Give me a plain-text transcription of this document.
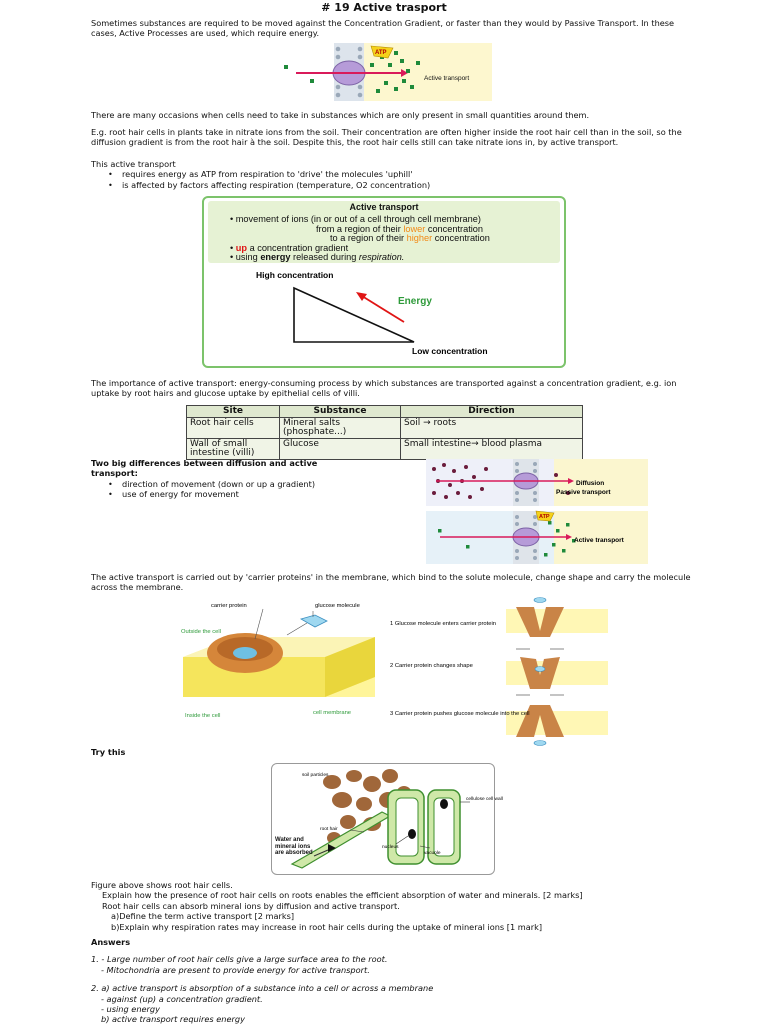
# 19 Active trasport
Sometimes substances are required to be moved against the Concentration Gradient, or faster than they would by Passive Transport. In these cases, Active Processes are used, which require energy.
ATP
Active transport
There are many occasions when cells need to take in substances which are only present in small quantities around them.
E.g. root hair cells in plants take in nitrate ions from the soil. Their concentration are often higher inside the root hair cell than in the soil, so the diffusion gradient is from the root hair à the soil. Despite this, the root hair cells still can take nitrate ions in, by active transport.
This active transport
• requires energy as ATP from respiration to 'drive' the molecules 'uphill'
• is affected by factors affecting respiration (temperature, O2 concentration)
Active transport
• movement of ions (in or out of a cell through cell membrane)
from a region of their lower concentration
to a region of their higher concentration
• up a concentration gradient
• using energy released during respiration.
High concentration
Energy
Low concentration
The importance of active transport: energy-consuming process by which substances are transported against a concentration gradient, e.g. ion uptake by root hairs and glucose uptake by epithelial cells of villi.
Site	Substance	Direction
Root hair cells	Mineral salts (phosphate...)	Soil → roots
Wall of small intestine (villi)	Glucose	Small intestine→ blood plasma
Two big differences between diffusion and active transport:
• direction of movement (down or up a gradient)
• use of energy for movement
ATP
Diffusion
Passive transport
Active transport
The active transport is carried out by 'carrier proteins' in the membrane, which bind to the solute molecule, change shape and carry the molecule across the membrane.
carrier protein	glucose molecule
Outside the cell
Inside the cell	cell membrane
1 Glucose molecule enters carrier protein
2 Carrier protein changes shape
3 Carrier protein pushes glucose molecule into the cell
Try this
soil particles
cellulose cell wall
root hair
nucleus
vacuole
Water and mineral ions are absorbed
Figure above shows root hair cells.
Explain how the presence of root hair cells on roots enables the efficient absorption of water and minerals. [2 marks]
Root hair cells can absorb mineral ions by diffusion and active transport.
a)Define the term active transport [2 marks]
b)Explain why respiration rates may increase in root hair cells during the uptake of mineral ions [1 mark]
Answers
1. - Large number of root hair cells give a large surface area to the root.
- Mitochondria are present to provide energy for active transport.
2. a) active transport is absorption of a substance into a cell or across a membrane
- against (up) a concentration gradient.
- using energy
b) active transport requires energy
